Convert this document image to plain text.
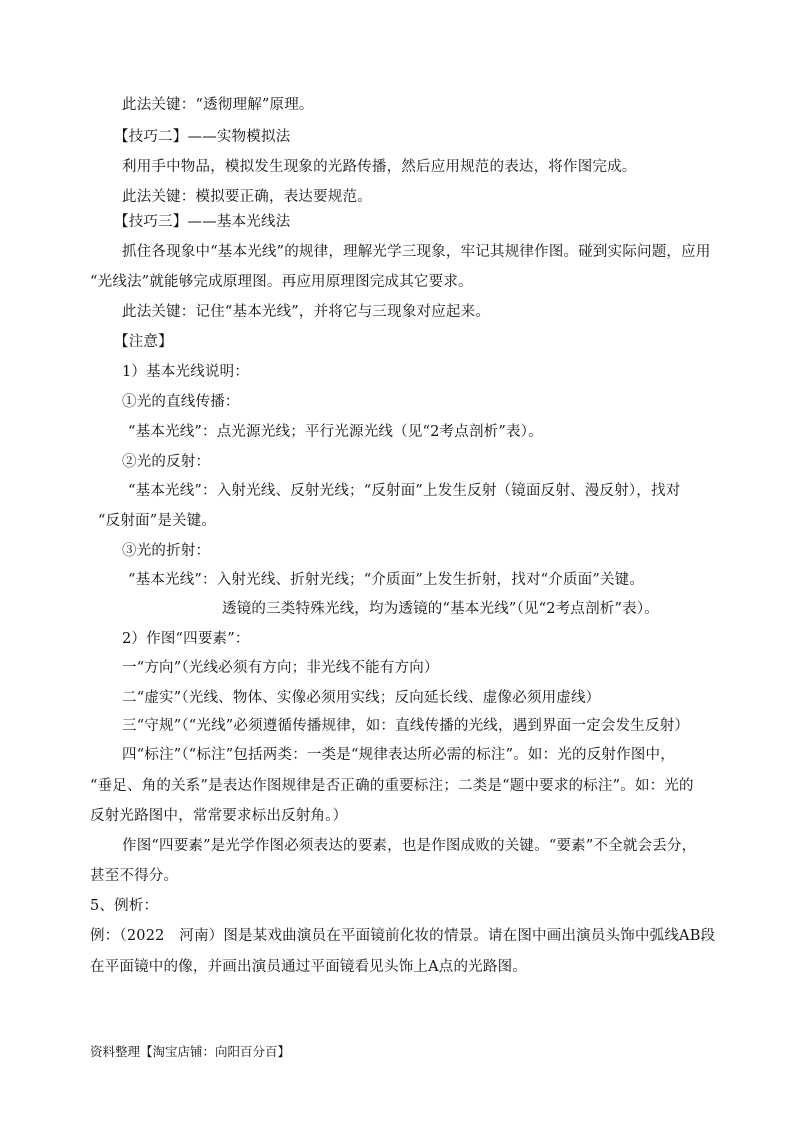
此法关键：“透彻理解”原理。
【技巧二】——实物模拟法
利用手中物品，模拟发生现象的光路传播，然后应用规范的表达，将作图完成。
此法关键：模拟要正确，表达要规范。
【技巧三】——基本光线法
抓住各现象中“基本光线”的规律，理解光学三现象，牢记其规律作图。碰到实际问题，应用
“光线法”就能够完成原理图。再应用原理图完成其它要求。
此法关键：记住“基本光线”，并将它与三现象对应起来。
【注意】
1）基本光线说明：
①光的直线传播：
“基本光线”：点光源光线；平行光源光线（见“2考点剖析”表）。
②光的反射：
“基本光线”：入射光线、反射光线；“反射面”上发生反射（镜面反射、漫反射），找对
“反射面”是关键。
③光的折射：
“基本光线”：入射光线、折射光线；“介质面”上发生折射，找对“介质面”关键。
透镜的三类特殊光线，均为透镜的“基本光线”（见“2考点剖析”表）。
2）作图“四要素”：
一“方向”（光线必须有方向；非光线不能有方向）
二“虚实”（光线、物体、实像必须用实线；反向延长线、虚像必须用虚线）
三“守规”（“光线”必须遵循传播规律，如：直线传播的光线，遇到界面一定会发生反射）
四“标注”（“标注”包括两类：一类是“规律表达所必需的标注”。如：光的反射作图中，
“垂足、角的关系”是表达作图规律是否正确的重要标注；二类是“题中要求的标注”。如：光的
反射光路图中，常常要求标出反射角。）
作图“四要素”是光学作图必须表达的要素，也是作图成败的关键。“要素”不全就会丢分，
甚至不得分。
5、例析：
例：（2022　河南）图是某戏曲演员在平面镜前化妆的情景。请在图中画出演员头饰中弧线AB段
在平面镜中的像，并画出演员通过平面镜看见头饰上A点的光路图。
资料整理【淘宝店铺：向阳百分百】
